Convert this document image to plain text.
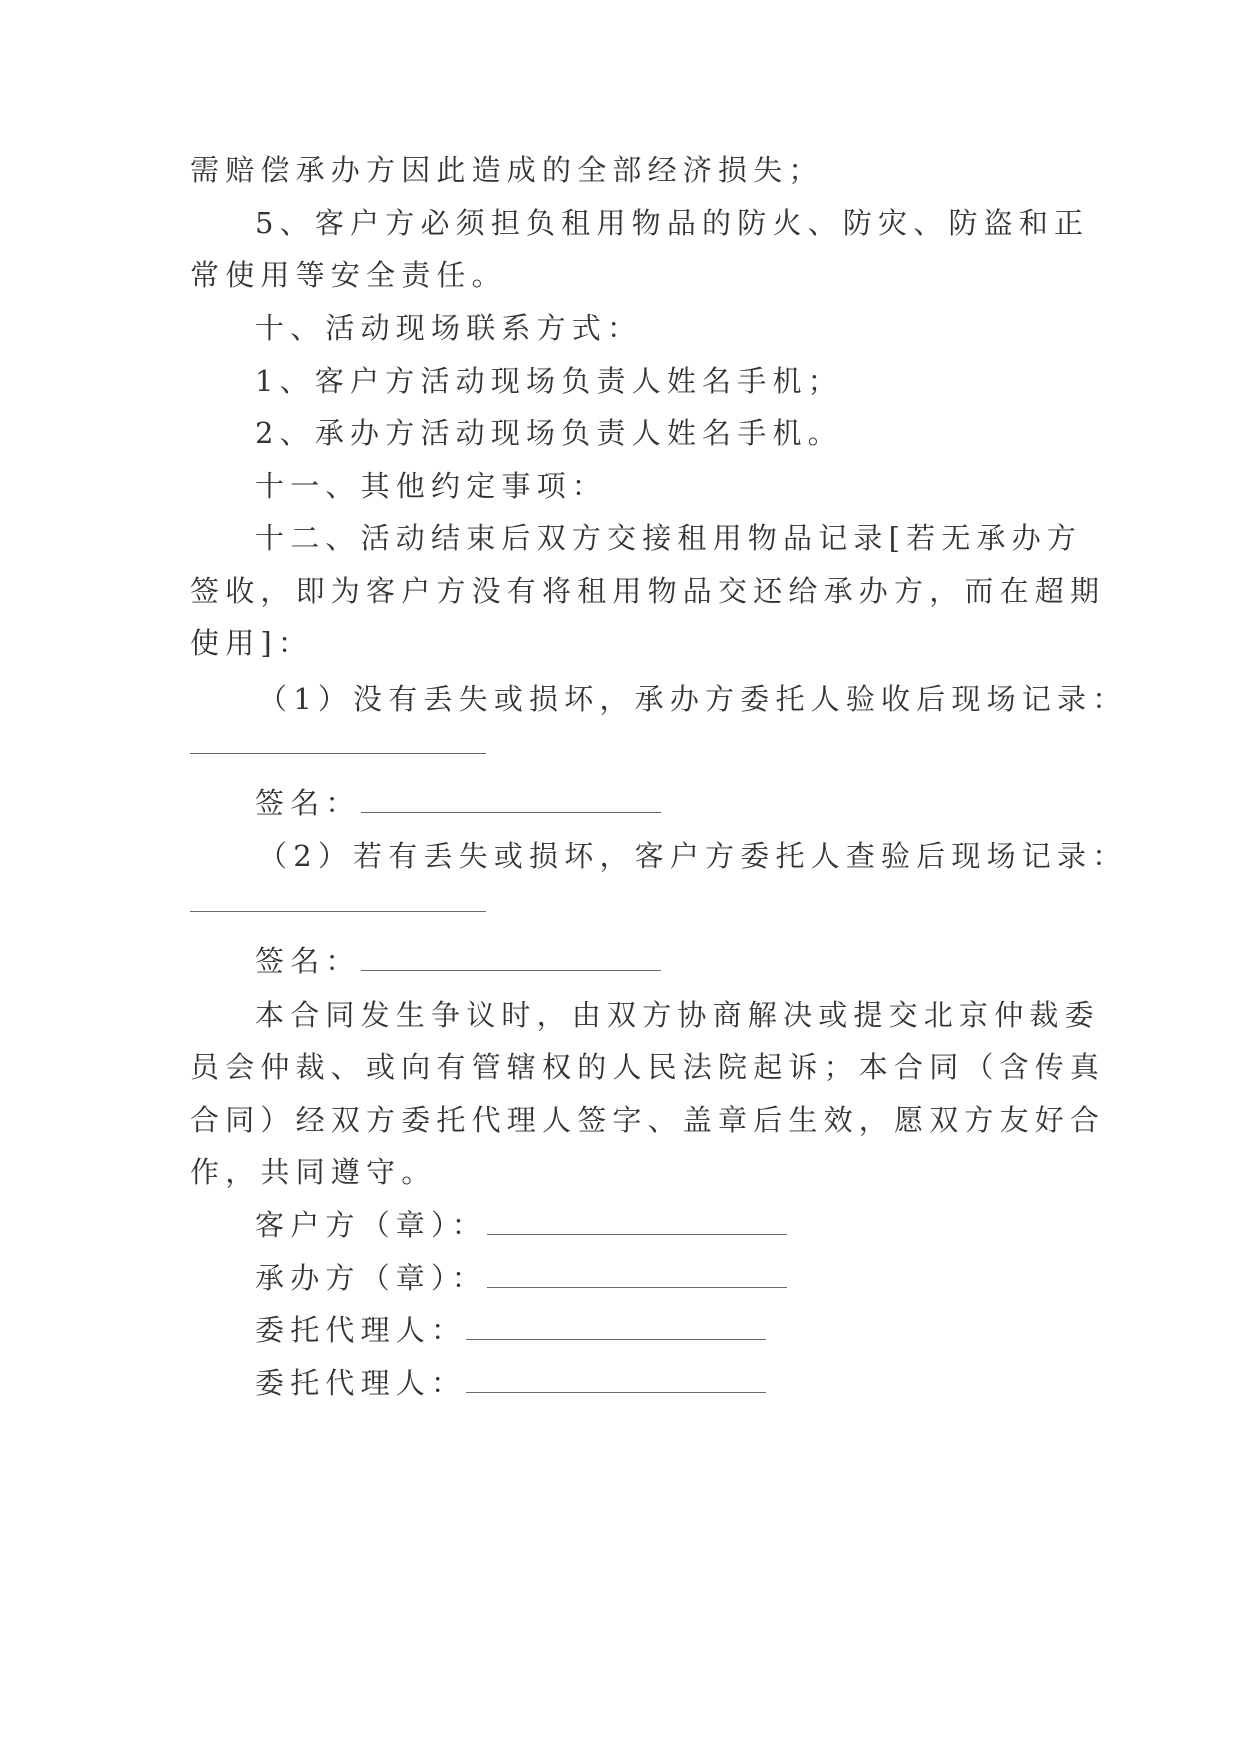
需赔偿承办方因此造成的全部经济损失；
5、客户方必须担负租用物品的防火、防灾、防盗和正
常使用等安全责任。
十、活动现场联系方式：
1、客户方活动现场负责人姓名手机；
2、承办方活动现场负责人姓名手机。
十一、其他约定事项：
十二、活动结束后双方交接租用物品记录[若无承办方
签收，即为客户方没有将租用物品交还给承办方，而在超期
使用]：
（1）没有丢失或损坏，承办方委托人验收后现场记录：
签名：
（2）若有丢失或损坏，客户方委托人查验后现场记录：
签名：
本合同发生争议时，由双方协商解决或提交北京仲裁委
员会仲裁、或向有管辖权的人民法院起诉；本合同（含传真
合同）经双方委托代理人签字、盖章后生效，愿双方友好合
作，共同遵守。
客户方（章）：
承办方（章）：
委托代理人：
委托代理人：
